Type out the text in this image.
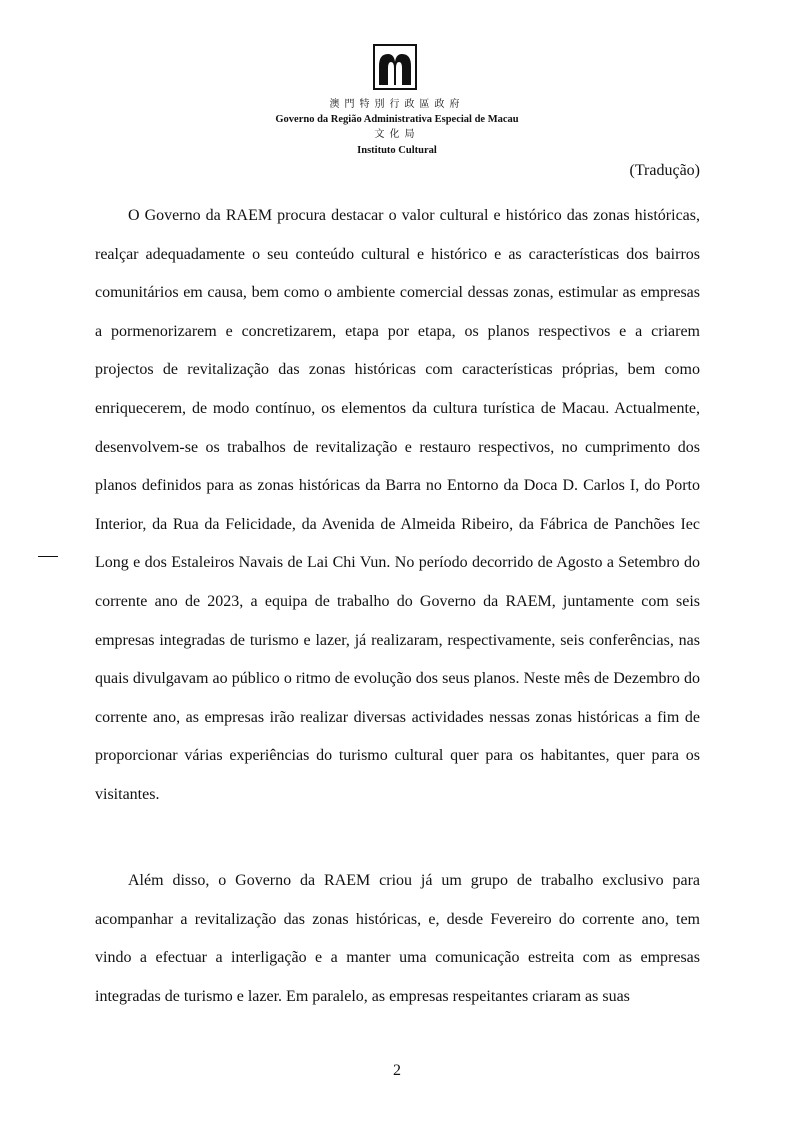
澳門特別行政區政府
Governo da Região Administrativa Especial de Macau
文化局
Instituto Cultural
(Tradução)

O Governo da RAEM procura destacar o valor cultural e histórico das zonas históricas, realçar adequadamente o seu conteúdo cultural e histórico e as características dos bairros comunitários em causa, bem como o ambiente comercial dessas zonas, estimular as empresas a pormenorizarem e concretizarem, etapa por etapa, os planos respectivos e a criarem projectos de revitalização das zonas históricas com características próprias, bem como enriquecerem, de modo contínuo, os elementos da cultura turística de Macau. Actualmente, desenvolvem-se os trabalhos de revitalização e restauro respectivos, no cumprimento dos planos definidos para as zonas históricas da Barra no Entorno da Doca D. Carlos I, do Porto Interior, da Rua da Felicidade, da Avenida de Almeida Ribeiro, da Fábrica de Panchões Iec Long e dos Estaleiros Navais de Lai Chi Vun. No período decorrido de Agosto a Setembro do corrente ano de 2023, a equipa de trabalho do Governo da RAEM, juntamente com seis empresas integradas de turismo e lazer, já realizaram, respectivamente, seis conferências, nas quais divulgavam ao público o ritmo de evolução dos seus planos. Neste mês de Dezembro do corrente ano, as empresas irão realizar diversas actividades nessas zonas históricas a fim de proporcionar várias experiências do turismo cultural quer para os habitantes, quer para os visitantes.

Além disso, o Governo da RAEM criou já um grupo de trabalho exclusivo para acompanhar a revitalização das zonas históricas, e, desde Fevereiro do corrente ano, tem vindo a efectuar a interligação e a manter uma comunicação estreita com as empresas integradas de turismo e lazer. Em paralelo, as empresas respeitantes criaram as suas

2
